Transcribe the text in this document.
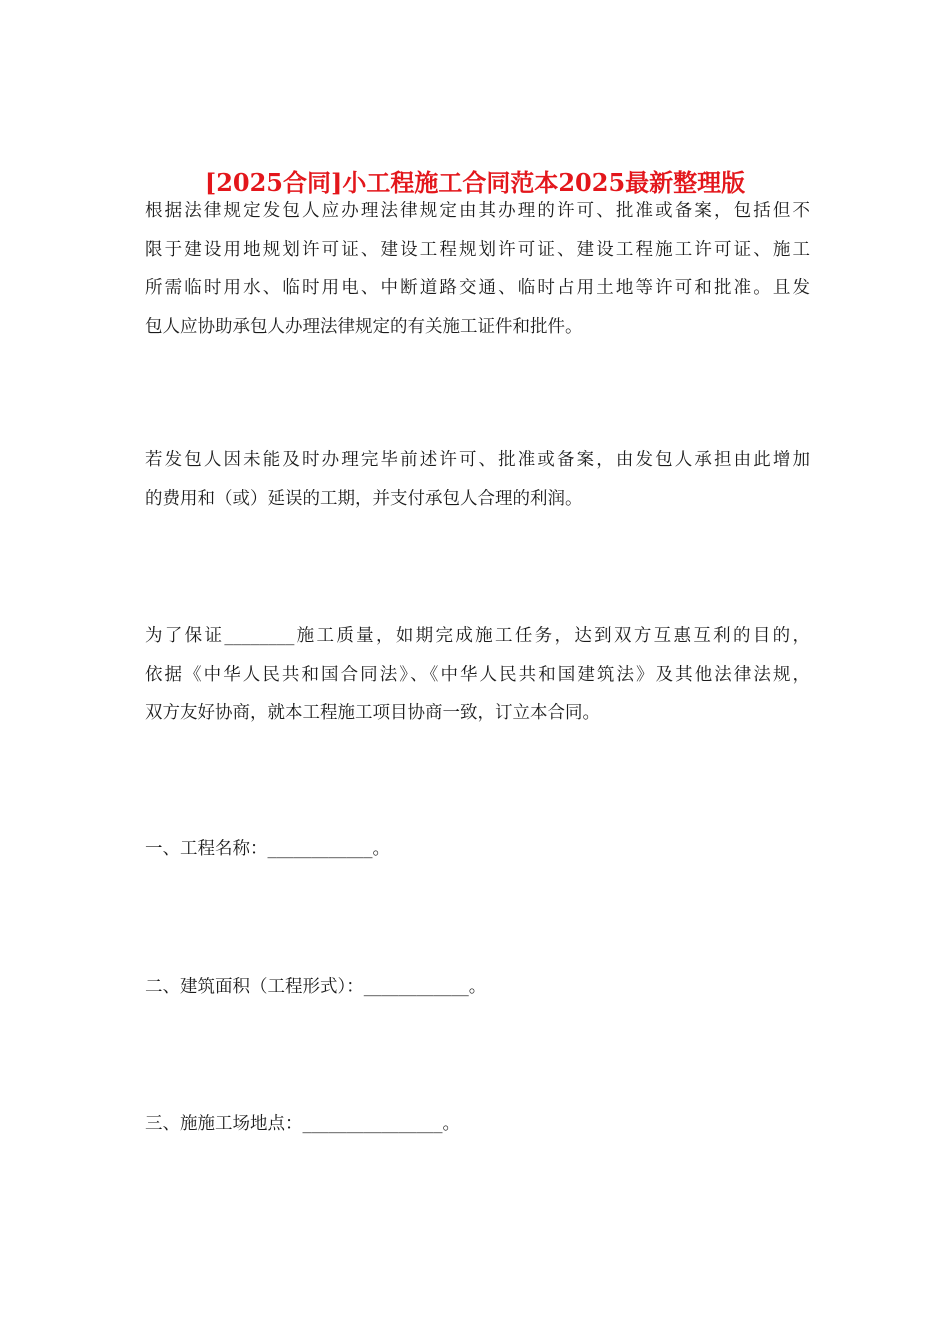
[2025合同]小工程施工合同范本2025最新整理版

根据法律规定发包人应办理法律规定由其办理的许可、批准或备案，包括但不
限于建设用地规划许可证、建设工程规划许可证、建设工程施工许可证、施工
所需临时用水、临时用电、中断道路交通、临时占用土地等许可和批准。且发
包人应协助承包人办理法律规定的有关施工证件和批件。

若发包人因未能及时办理完毕前述许可、批准或备案，由发包人承担由此增加
的费用和（或）延误的工期，并支付承包人合理的利润。

为了保证________施工质量，如期完成施工任务，达到双方互惠互利的目的，
依据《中华人民共和国合同法》、《中华人民共和国建筑法》及其他法律法规，
双方友好协商，就本工程施工项目协商一致，订立本合同。

一、工程名称：____________。

二、建筑面积（工程形式）：____________。

三、施施工场地点：________________。
